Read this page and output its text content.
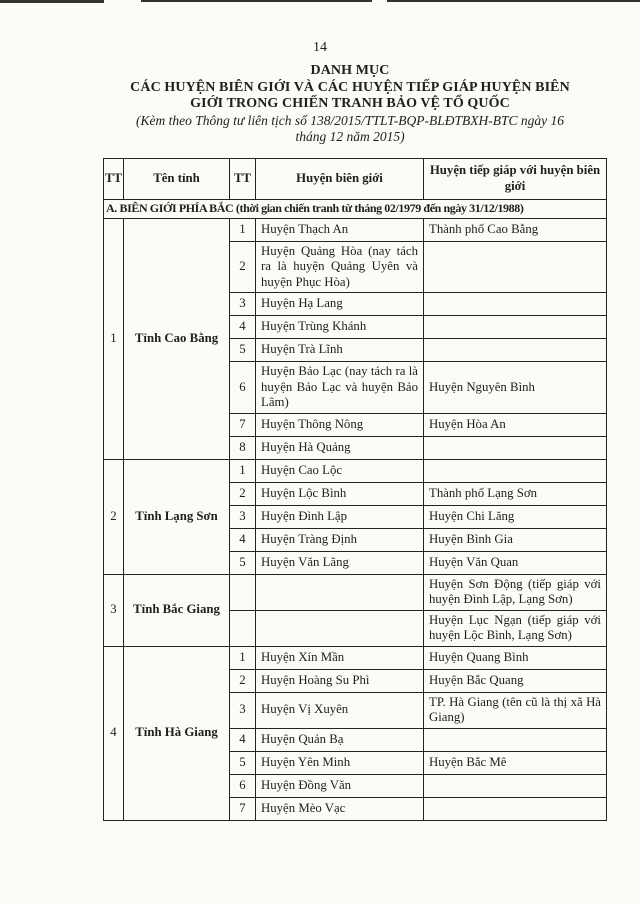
14
DANH MỤC
CÁC HUYỆN BIÊN GIỚI VÀ CÁC HUYỆN TIẾP GIÁP HUYỆN BIÊN
GIỚI TRONG CHIẾN TRANH BẢO VỆ TỔ QUỐC
(Kèm theo Thông tư liên tịch số 138/2015/TTLT-BQP-BLĐTBXH-BTC ngày 16
tháng 12 năm 2015)
TT	Tên tỉnh	TT	Huyện biên giới	Huyện tiếp giáp với huyện biên giới
A. BIÊN GIỚI PHÍA BẮC (thời gian chiến tranh từ tháng 02/1979 đến ngày 31/12/1988)				
1	Tỉnh Cao Bằng	1	Huyện Thạch An	Thành phố Cao Bằng
		2	Huyện Quảng Hòa (nay tách ra là huyện Quảng Uyên và huyện Phục Hòa)	
		3	Huyện Hạ Lang	
		4	Huyện Trùng Khánh	
		5	Huyện Trà Lĩnh	
		6	Huyện Bảo Lạc (nay tách ra là huyện Bảo Lạc và huyện Bảo Lâm)	Huyện Nguyên Bình
		7	Huyện Thông Nông	Huyện Hòa An
		8	Huyện Hà Quảng	
2	Tỉnh Lạng Sơn	1	Huyện Cao Lộc	
		2	Huyện Lộc Bình	Thành phố Lạng Sơn
		3	Huyện Đình Lập	Huyện Chi Lăng
		4	Huyện Tràng Định	Huyện Bình Gia
		5	Huyện Văn Lãng	Huyện Văn Quan
3	Tỉnh Bắc Giang			Huyện Sơn Động (tiếp giáp với huyện Đình Lập, Lạng Sơn)
				Huyện Lục Ngạn (tiếp giáp với huyện Lộc Bình, Lạng Sơn)
4	Tỉnh Hà Giang	1	Huyện Xín Mần	Huyện Quang Bình
		2	Huyện Hoàng Su Phì	Huyện Bắc Quang
		3	Huyện Vị Xuyên	TP. Hà Giang (tên cũ là thị xã Hà Giang)
		4	Huyện Quản Bạ	
		5	Huyện Yên Minh	Huyện Bắc Mê
		6	Huyện Đồng Văn	
		7	Huyện Mèo Vạc	
